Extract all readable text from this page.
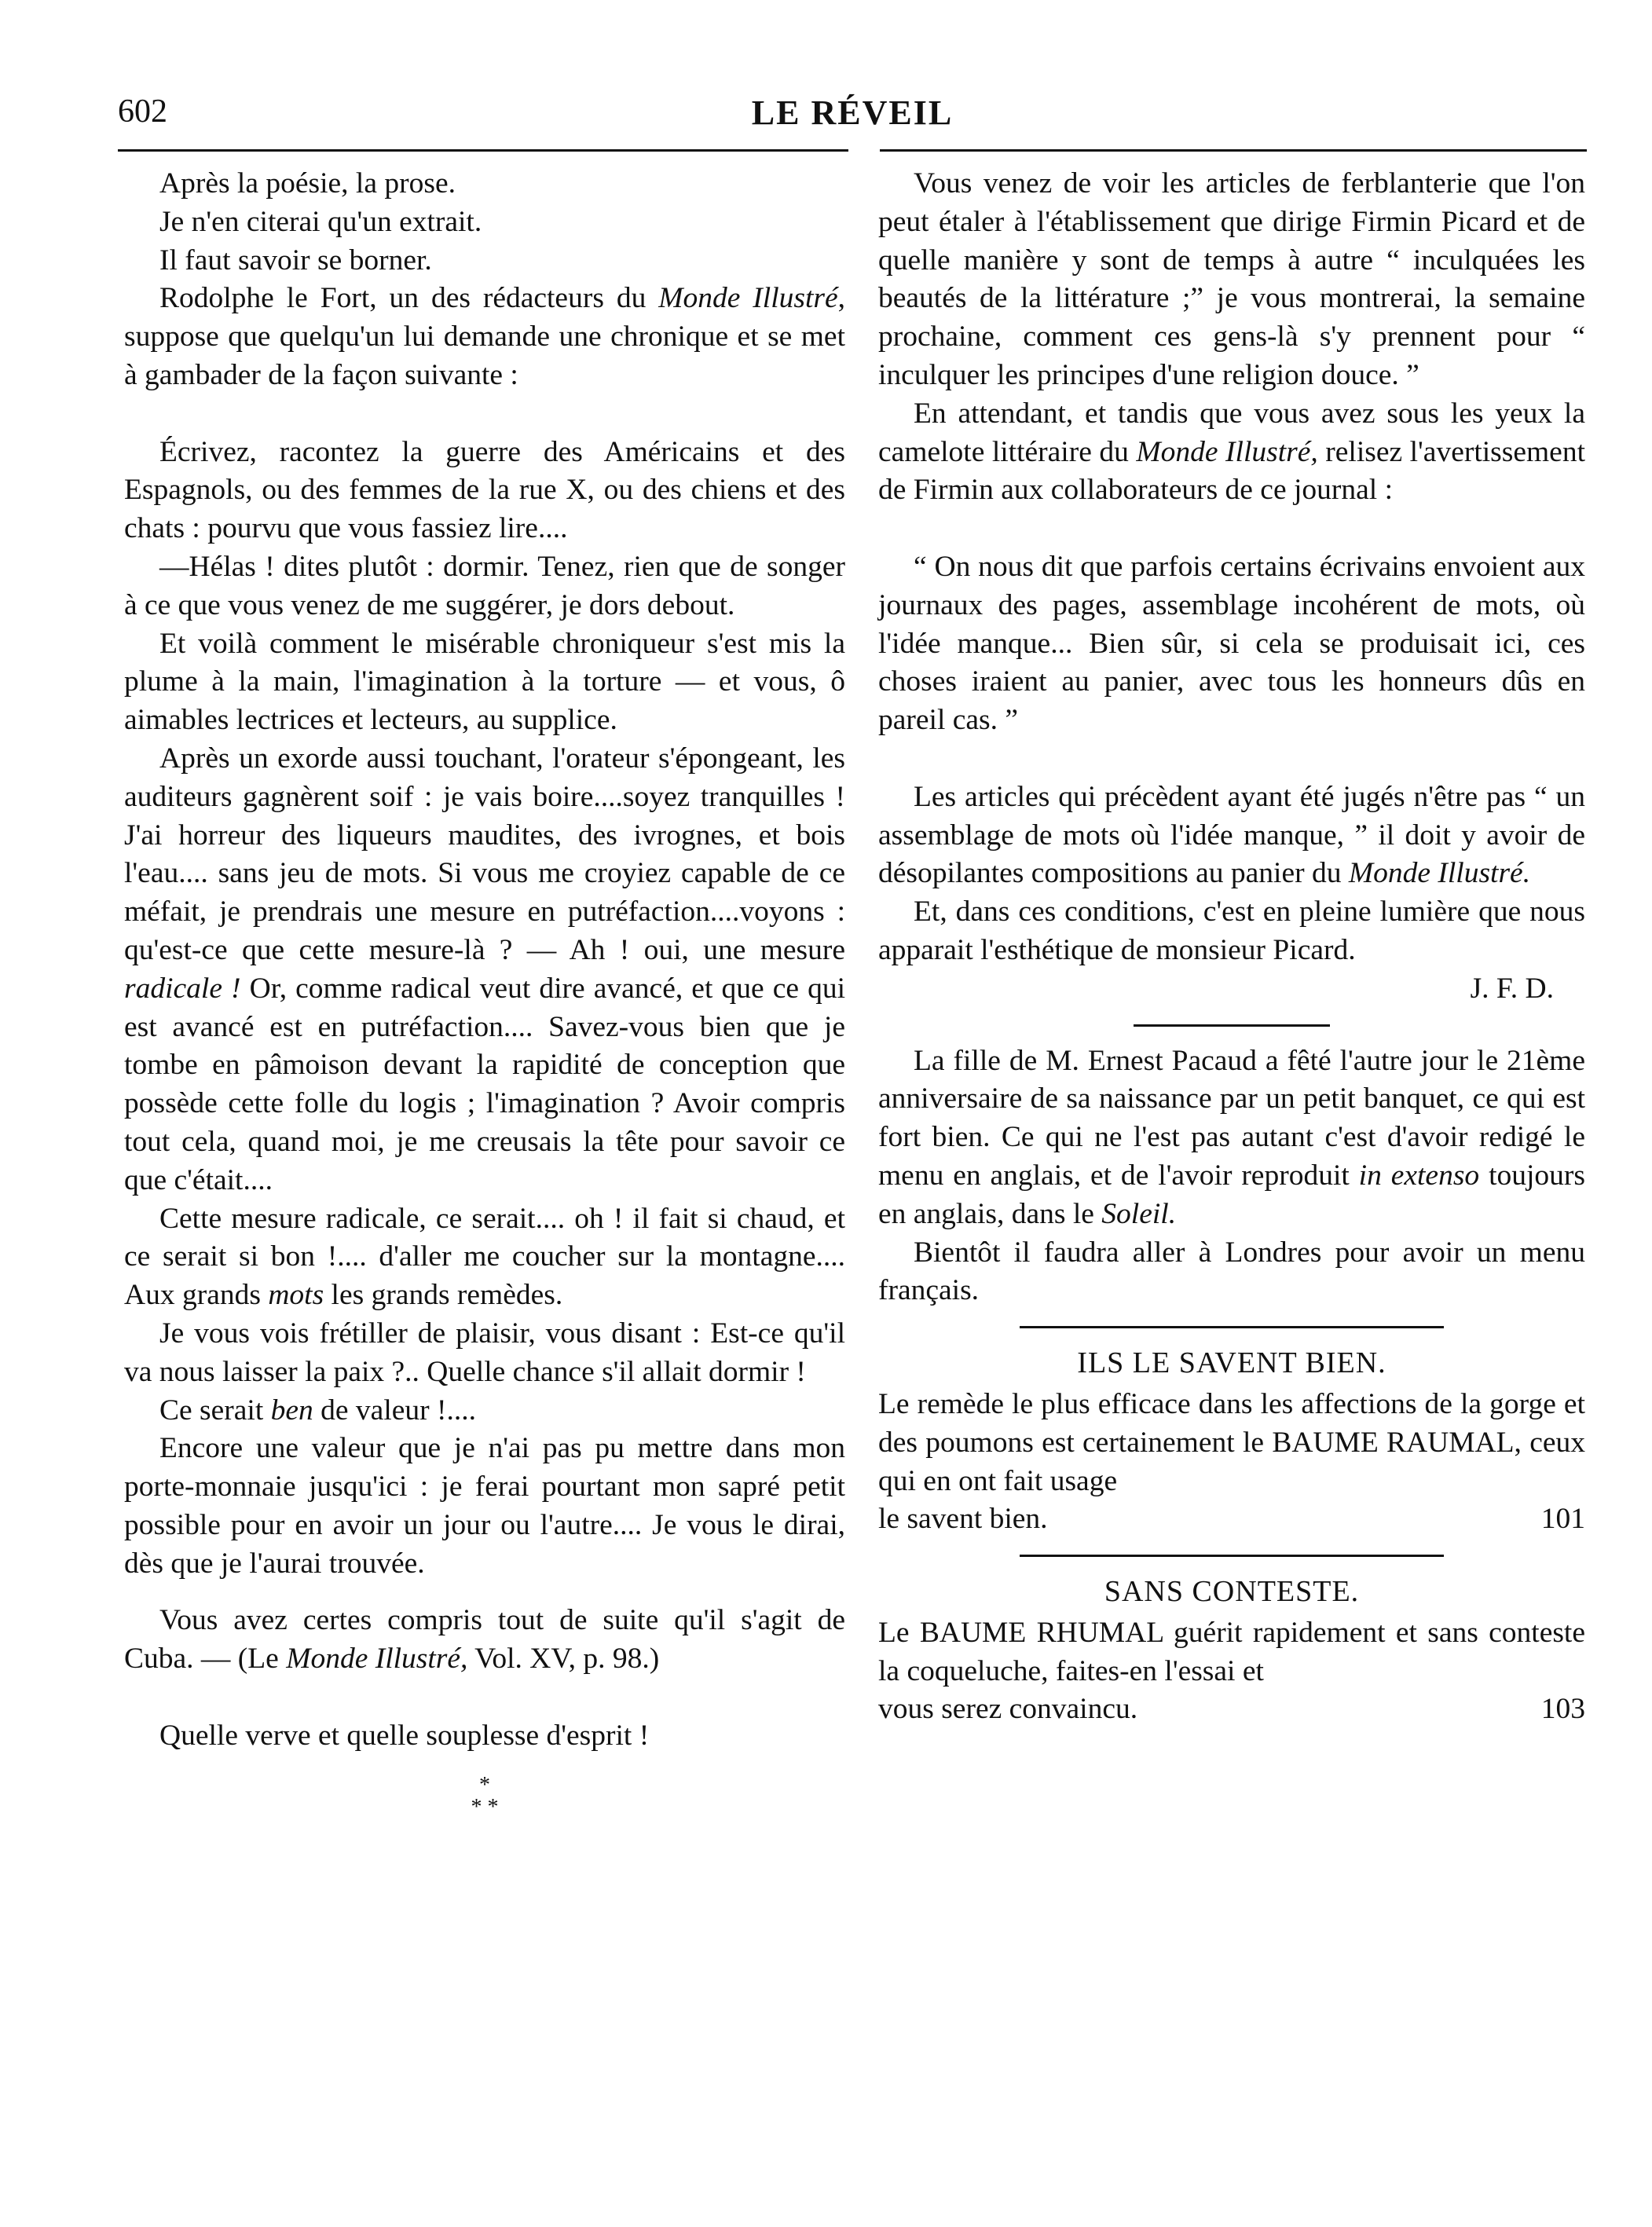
602	LE RÉVEIL

Après la poésie, la prose.

Je n'en citerai qu'un extrait.

Il faut savoir se borner.

Rodolphe le Fort, un des rédacteurs du Monde Illustré, suppose que quelqu'un lui demande une chronique et se met à gambader de la façon suivante :

Écrivez, racontez la guerre des Américains et des Espagnols, ou des femmes de la rue X, ou des chiens et des chats : pourvu que vous fassiez lire....

—Hélas ! dites plutôt : dormir. Tenez, rien que de songer à ce que vous venez de me suggérer, je dors debout.

Et voilà comment le misérable chroniqueur s'est mis la plume à la main, l'imagination à la torture — et vous, ô aimables lectrices et lecteurs, au supplice.

Après un exorde aussi touchant, l'orateur s'épongeant, les auditeurs gagnèrent soif : je vais boire....soyez tranquilles ! J'ai horreur des liqueurs maudites, des ivrognes, et bois l'eau.... sans jeu de mots. Si vous me croyiez capable de ce méfait, je prendrais une mesure en putréfaction....voyons : qu'est-ce que cette mesure-là ? — Ah ! oui, une mesure radicale ! Or, comme radical veut dire avancé, et que ce qui est avancé est en putréfaction.... Savez-vous bien que je tombe en pâmoison devant la rapidité de conception que possède cette folle du logis ; l'imagination ? Avoir compris tout cela, quand moi, je me creusais la tête pour savoir ce que c'était....

Cette mesure radicale, ce serait.... oh ! il fait si chaud, et ce serait si bon !.... d'aller me coucher sur la montagne.... Aux grands mots les grands remèdes.

Je vous vois frétiller de plaisir, vous disant : Est-ce qu'il va nous laisser la paix ?.. Quelle chance s'il allait dormir !

Ce serait ben de valeur !....

Encore une valeur que je n'ai pas pu mettre dans mon porte-monnaie jusqu'ici : je ferai pourtant mon sapré petit possible pour en avoir un jour ou l'autre.... Je vous le dirai, dès que je l'aurai trouvée.

Vous avez certes compris tout de suite qu'il s'agit de Cuba. — (Le Monde Illustré, Vol. XV, p. 98.)

Quelle verve et quelle souplesse d'esprit !

*
* *

Vous venez de voir les articles de ferblanterie que l'on peut étaler à l'établissement que dirige Firmin Picard et de quelle manière y sont de temps à autre “ inculquées les beautés de la littérature ;” je vous montrerai, la semaine prochaine, comment ces gens-là s'y prennent pour “ inculquer les principes d'une religion douce. ”

En attendant, et tandis que vous avez sous les yeux la camelote littéraire du Monde Illustré, relisez l'avertissement de Firmin aux collaborateurs de ce journal :

“ On nous dit que parfois certains écrivains envoient aux journaux des pages, assemblage incohérent de mots, où l'idée manque... Bien sûr, si cela se produisait ici, ces choses iraient au panier, avec tous les honneurs dûs en pareil cas. ”

Les articles qui précèdent ayant été jugés n'être pas “ un assemblage de mots où l'idée manque, ” il doit y avoir de désopilantes compositions au panier du Monde Illustré.

Et, dans ces conditions, c'est en pleine lumière que nous apparait l'esthétique de monsieur Picard.

J. F. D.

La fille de M. Ernest Pacaud a fêté l'autre jour le 21ème anniversaire de sa naissance par un petit banquet, ce qui est fort bien. Ce qui ne l'est pas autant c'est d'avoir redigé le menu en anglais, et de l'avoir reproduit in extenso toujours en anglais, dans le Soleil.

Bientôt il faudra aller à Londres pour avoir un menu français.

ILS LE SAVENT BIEN.

Le remède le plus efficace dans les affections de la gorge et des poumons est certainement le BAUME RAUMAL, ceux qui en ont fait usage

le savent bien.	101
SANS CONTESTE.

Le BAUME RHUMAL guérit rapidement et sans conteste la coqueluche, faites-en l'essai et

vous serez convaincu.	103
